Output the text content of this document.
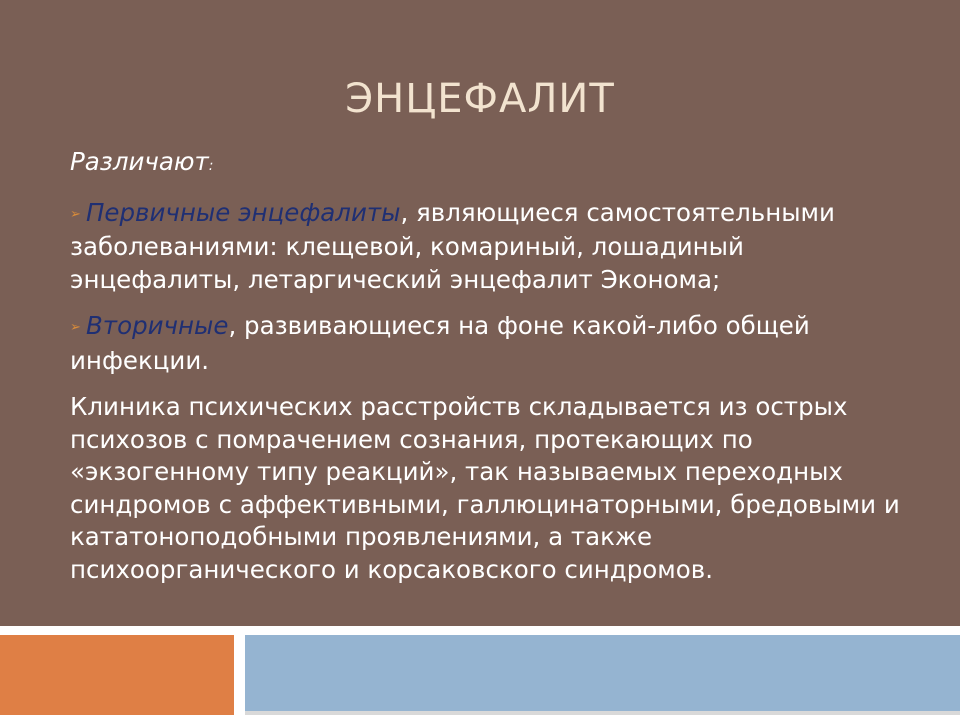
ЭНЦЕФАЛИТ

Различают:

➢ Первичные энцефалиты, являющиеся самостоятельными заболеваниями: клещевой, комариный, лошадиный энцефалиты, летаргический энцефалит Эконома;

➢ Вторичные, развивающиеся на фоне какой-либо общей инфекции.

Клиника психических расстройств складывается из острых психозов с помрачением сознания, протекающих по «экзогенному типу реакций», так называемых переходных синдромов с аффективными, галлюцинаторными, бредовыми и кататоноподобными проявлениями, а также психоорганического и корсаковского синдромов.
